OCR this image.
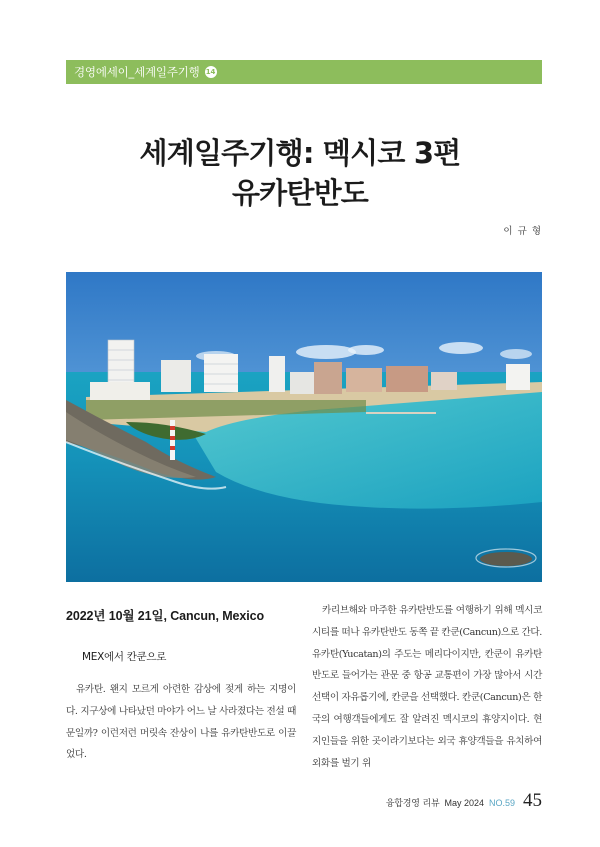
경영에세이_세계일주기행 14
세계일주기행: 멕시코 3편
유카탄반도
이 규 형
2022년 10월 21일, Cancun, Mexico
MEX에서 칸쿤으로

유카탄. 왠지 모르게 아련한 감상에 젖게 하는 지명이다. 지구상에 나타났던 마야가 어느 날 사라졌다는 전설 때문일까? 이런저런 머릿속 잔상이 나를 유카탄반도로 이끌었다.

카리브해와 마주한 유카탄반도를 여행하기 위해 멕시코시티를 떠나 유카탄반도 동쪽 끝 칸쿤(Cancun)으로 간다. 유카탄(Yucatan)의 주도는 메리다이지만, 칸쿤이 유카탄반도로 들어가는 관문 중 항공 교통편이 가장 많아서 시간 선택이 자유롭기에, 칸쿤을 선택했다. 칸쿤(Cancun)은 한국의 여행객들에게도 잘 알려진 멕시코의 휴양지이다. 현지인들을 위한 곳이라기보다는 외국 휴양객들을 유치하여 외화를 벌기 위

융합경영 리뷰 May 2024 NO.59 45
